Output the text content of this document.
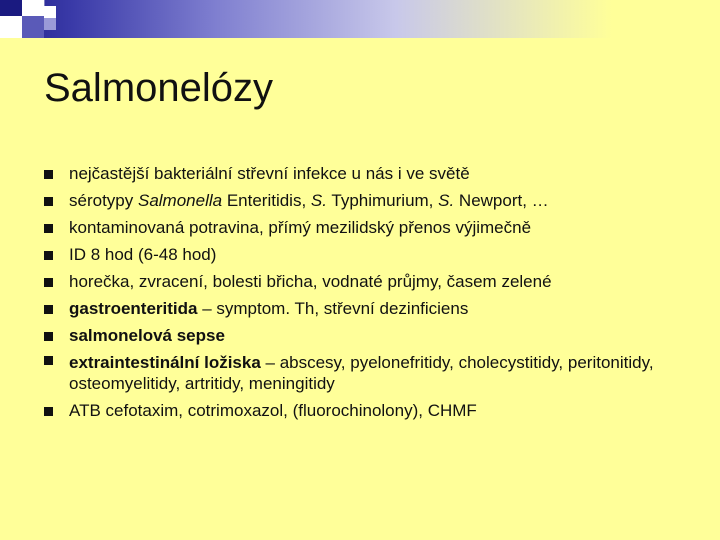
Salmonelózy
nejčastější bakteriální střevní infekce u nás i ve světě
sérotypy Salmonella Enteritidis, S. Typhimurium, S. Newport, …
kontaminovaná potravina, přímý mezilidský přenos výjimečně
ID 8 hod (6-48 hod)
horečka, zvracení, bolesti břicha, vodnaté průjmy, časem zelené
gastroenteritida – symptom. Th, střevní dezinficiens
salmonelová sepse
extraintestinální ložiska – abscesy, pyelonefritidy, cholecystitidy, peritonitidy, osteomyelitidy, artritidy, meningitidy
ATB cefotaxim, cotrimoxazol, (fluorochinolony), CHMF
